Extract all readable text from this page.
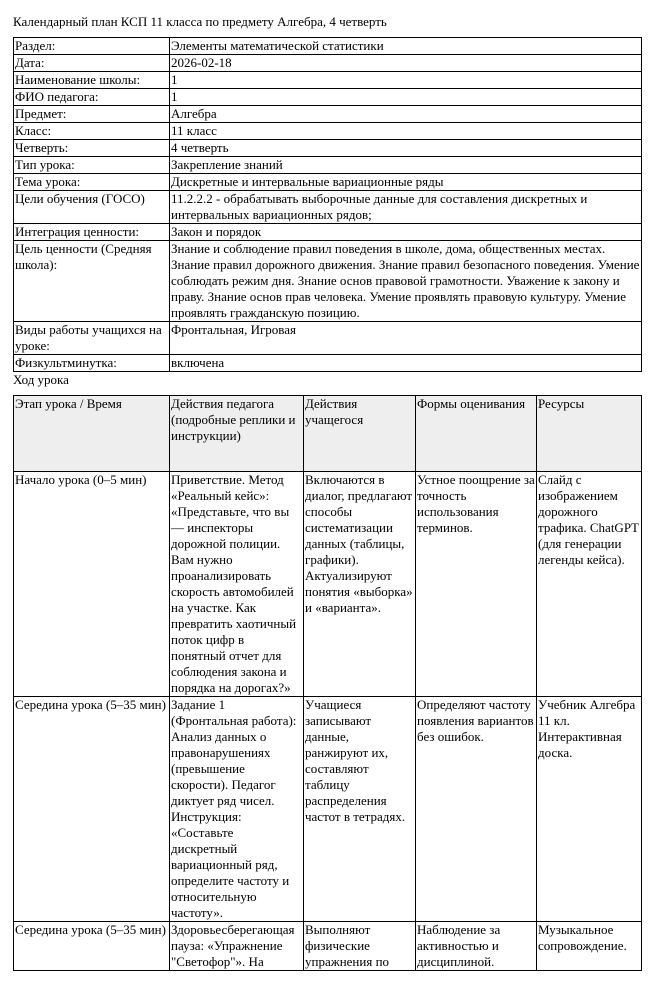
Календарный план КСП 11 класса по предмету Алгебра, 4 четверть
Раздел:	Элементы математической статистики
Дата:	2026-02-18
Наименование школы:	1
ФИО педагога:	1
Предмет:	Алгебра
Класс:	11 класс
Четверть:	4 четверть
Тип урока:	Закрепление знаний
Тема урока:	Дискретные и интервальные вариационные ряды
Цели обучения (ГОСО)	11.2.2.2 - обрабатывать выборочные данные для составления дискретных и интервальных вариационных рядов;
Интеграция ценности:	Закон и порядок
Цель ценности (Средняя школа):	Знание и соблюдение правил поведения в школе, дома, общественных местах. Знание правил дорожного движения. Знание правил безопасного поведения. Умение соблюдать режим дня. Знание основ правовой грамотности. Уважение к закону и праву. Знание основ прав человека. Умение проявлять правовую культуру. Умение проявлять гражданскую позицию.
Виды работы учащихся на уроке:	Фронтальная, Игровая
Физкультминутка:	включена
Ход урока
Этап урока / Время	Действия педагога (подробные реплики и инструкции)	Действия учащегося	Формы оценивания	Ресурсы
Начало урока (0–5 мин)	Приветствие. Метод «Реальный кейс»: «Представьте, что вы — инспекторы дорожной полиции. Вам нужно проанализировать скорость автомобилей на участке. Как превратить хаотичный поток цифр в понятный отчет для соблюдения закона и порядка на дорогах?»	Включаются в диалог, предлагают способы систематизации данных (таблицы, графики). Актуализируют понятия «выборка» и «варианта».	Устное поощрение за точность использования терминов.	Слайд с изображением дорожного трафика. ChatGPT (для генерации легенды кейса).
Середина урока (5–35 мин)	Задание 1 (Фронтальная работа): Анализ данных о правонарушениях (превышение скорости). Педагог диктует ряд чисел. Инструкция: «Составьте дискретный вариационный ряд, определите частоту и относительную частоту».	Учащиеся записывают данные, ранжируют их, составляют таблицу распределения частот в тетрадях.	Определяют частоту появления вариантов без ошибок.	Учебник Алгебра 11 кл. Интерактивная доска.
Середина урока (5–35 мин)	Здоровьесберегающая пауза: «Упражнение "Светофор"». На	Выполняют физические упражнения по	Наблюдение за активностью и дисциплиной.	Музыкальное сопровождение.
